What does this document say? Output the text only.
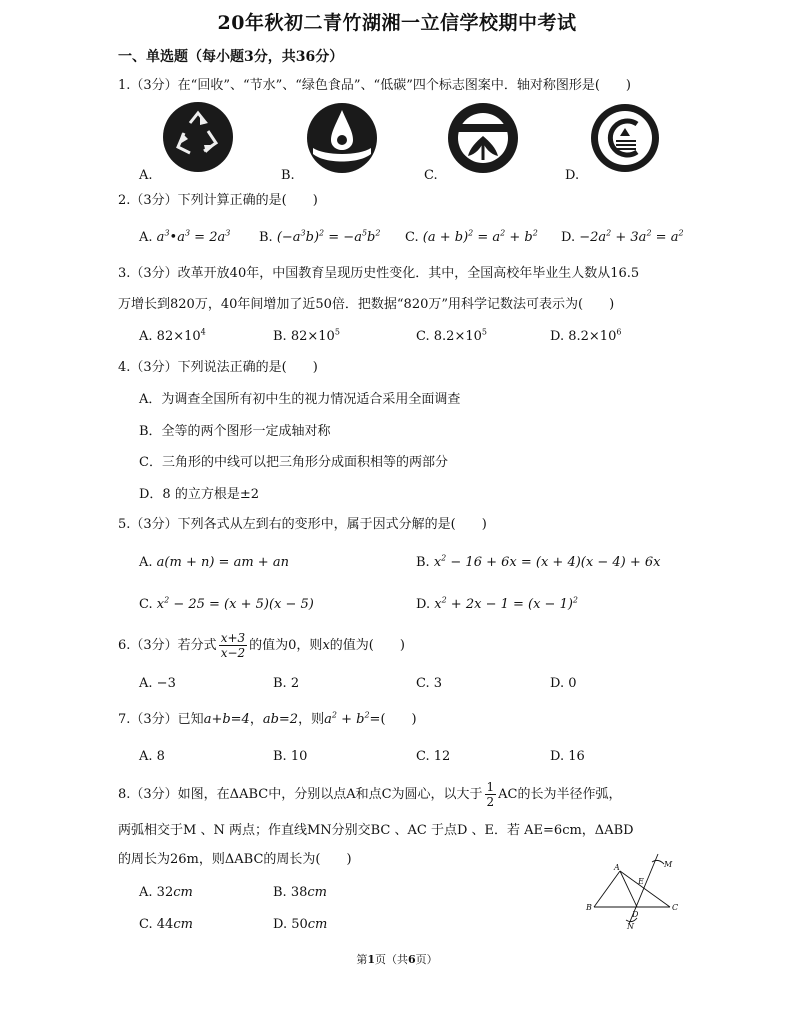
20年秋初二青竹湖湘一立信学校期中考试
一、单选题（每小题3分，共36分）
1.（3分）在“回收”、“节水”、“绿色食品”、“低碳”四个标志图案中．轴对称图形是(　　)
A.	B.	C.	D.
2.（3分）下列计算正确的是(　　)
A. $a^3•a^3 = 2a^3$ B. $(-a^3b)^2 = -a^5b^2$ C. $(a + b)^2 = a^2 + b^2$ D. $-2a^2 + 3a^2 = a^2$
3.（3分）改革开放40年，中国教育呈现历史性变化．其中，全国高校年毕业生人数从16.5
万增长到820万，40年间增加了近50倍．把数据“820万”用科学记数法可表示为(　　)
A. $82\times 10^4$	B. $82\times 10^5$	C. $8.2\times 10^5$	D. $8.2\times 10^6$
4.（3分）下列说法正确的是(　　)
A．为调查全国所有初中生的视力情况适合采用全面调查
B．全等的两个图形一定成轴对称
C．三角形的中线可以把三角形分成面积相等的两部分
D．8 的立方根是±2
5.（3分）下列各式从左到右的变形中，属于因式分解的是(　　)
A. a(m + n) = am + an	B. $x^2 - 16 + 6x = (x + 4)(x - 4) + 6x$
C. $x^2 - 25 = (x + 5)(x - 5)$	D. $x^2 + 2x - 1 = (x - 1)^2$
6.（3分）若分式 $\frac{x+3}{x-2}$ 的值为0，则x的值为(　　)
A. −3	B. 2	C. 3	D. 0
7.（3分）已知a+b=4，ab=2，则$a^2 + b^2=$(　　)
A. 8	B. 10	C. 12	D. 16
8.（3分）如图，在ΔABC中，分别以点A和点C为圆心，以大于 $\frac{1}{2}$ AC的长为半径作弧，
两弧相交于M 、N 两点；作直线MN分别交BC 、AC 于点D 、E．若 AE=6cm，ΔABD
的周长为26m，则ΔABC的周长为(　　)
A. 32cm	B. 38cm
C. 44cm	D. 50cm
A	M
E
B
D
C
N
第1页（共6页）
